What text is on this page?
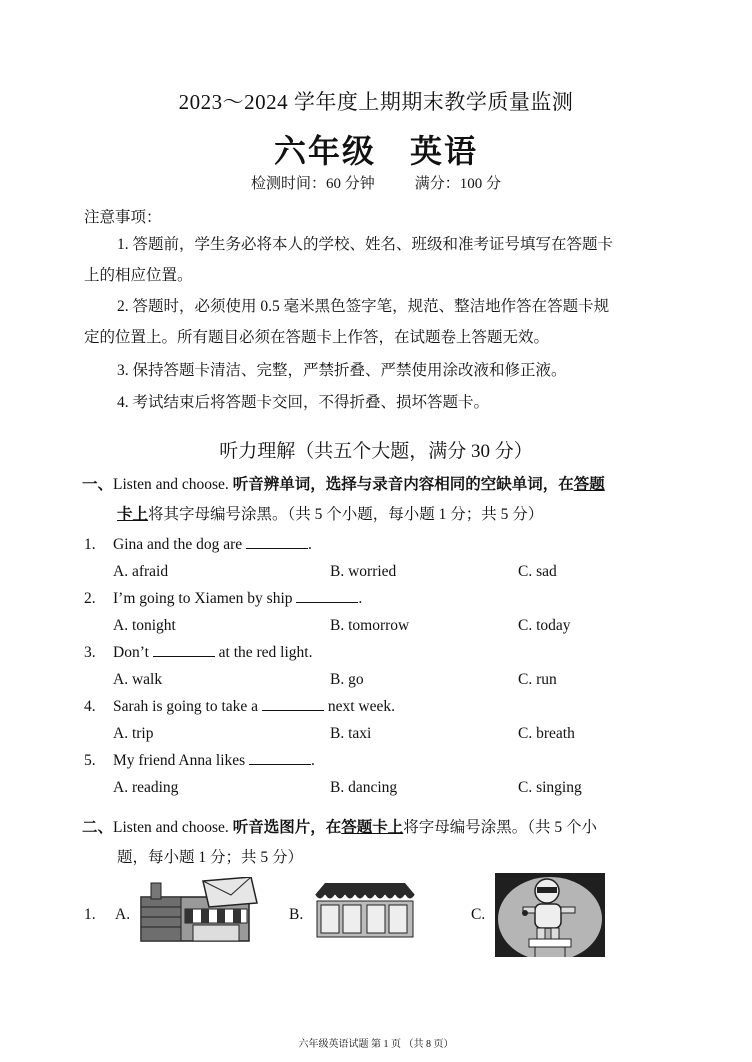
2023～2024 学年度上期期末教学质量监测
六年级 英语
检测时间：60 分钟	满分：100 分
注意事项：
1. 答题前，学生务必将本人的学校、姓名、班级和准考证号填写在答题卡
上的相应位置。
2. 答题时，必须使用 0.5 毫米黑色签字笔，规范、整洁地作答在答题卡规
定的位置上。所有题目必须在答题卡上作答，在试题卷上答题无效。
3. 保持答题卡清洁、完整，严禁折叠、严禁使用涂改液和修正液。
4. 考试结束后将答题卡交回，不得折叠、损坏答题卡。
听力理解（共五个大题，满分 30 分）
一、Listen and choose. 听音辨单词，选择与录音内容相同的空缺单词，在答题
卡上将其字母编号涂黑。（共 5 个小题，每小题 1 分；共 5 分）
1. Gina and the dog are	.
A. afraid	B. worried	C. sad
2. I’m going to Xiamen by ship	.
A. tonight	B. tomorrow	C. today
3. Don’t	at the red light.
A. walk	B. go	C. run
4. Sarah is going to take a	next week.
A. trip	B. taxi	C. breath
5. My friend Anna likes	.
A. reading	B. dancing	C. singing
二、Listen and choose. 听音选图片，在答题卡上将字母编号涂黑。（共 5 个小
题，每小题 1 分；共 5 分）
1. A.	B.	C.
六年级英语试题 第 1 页 （共 8 页）
